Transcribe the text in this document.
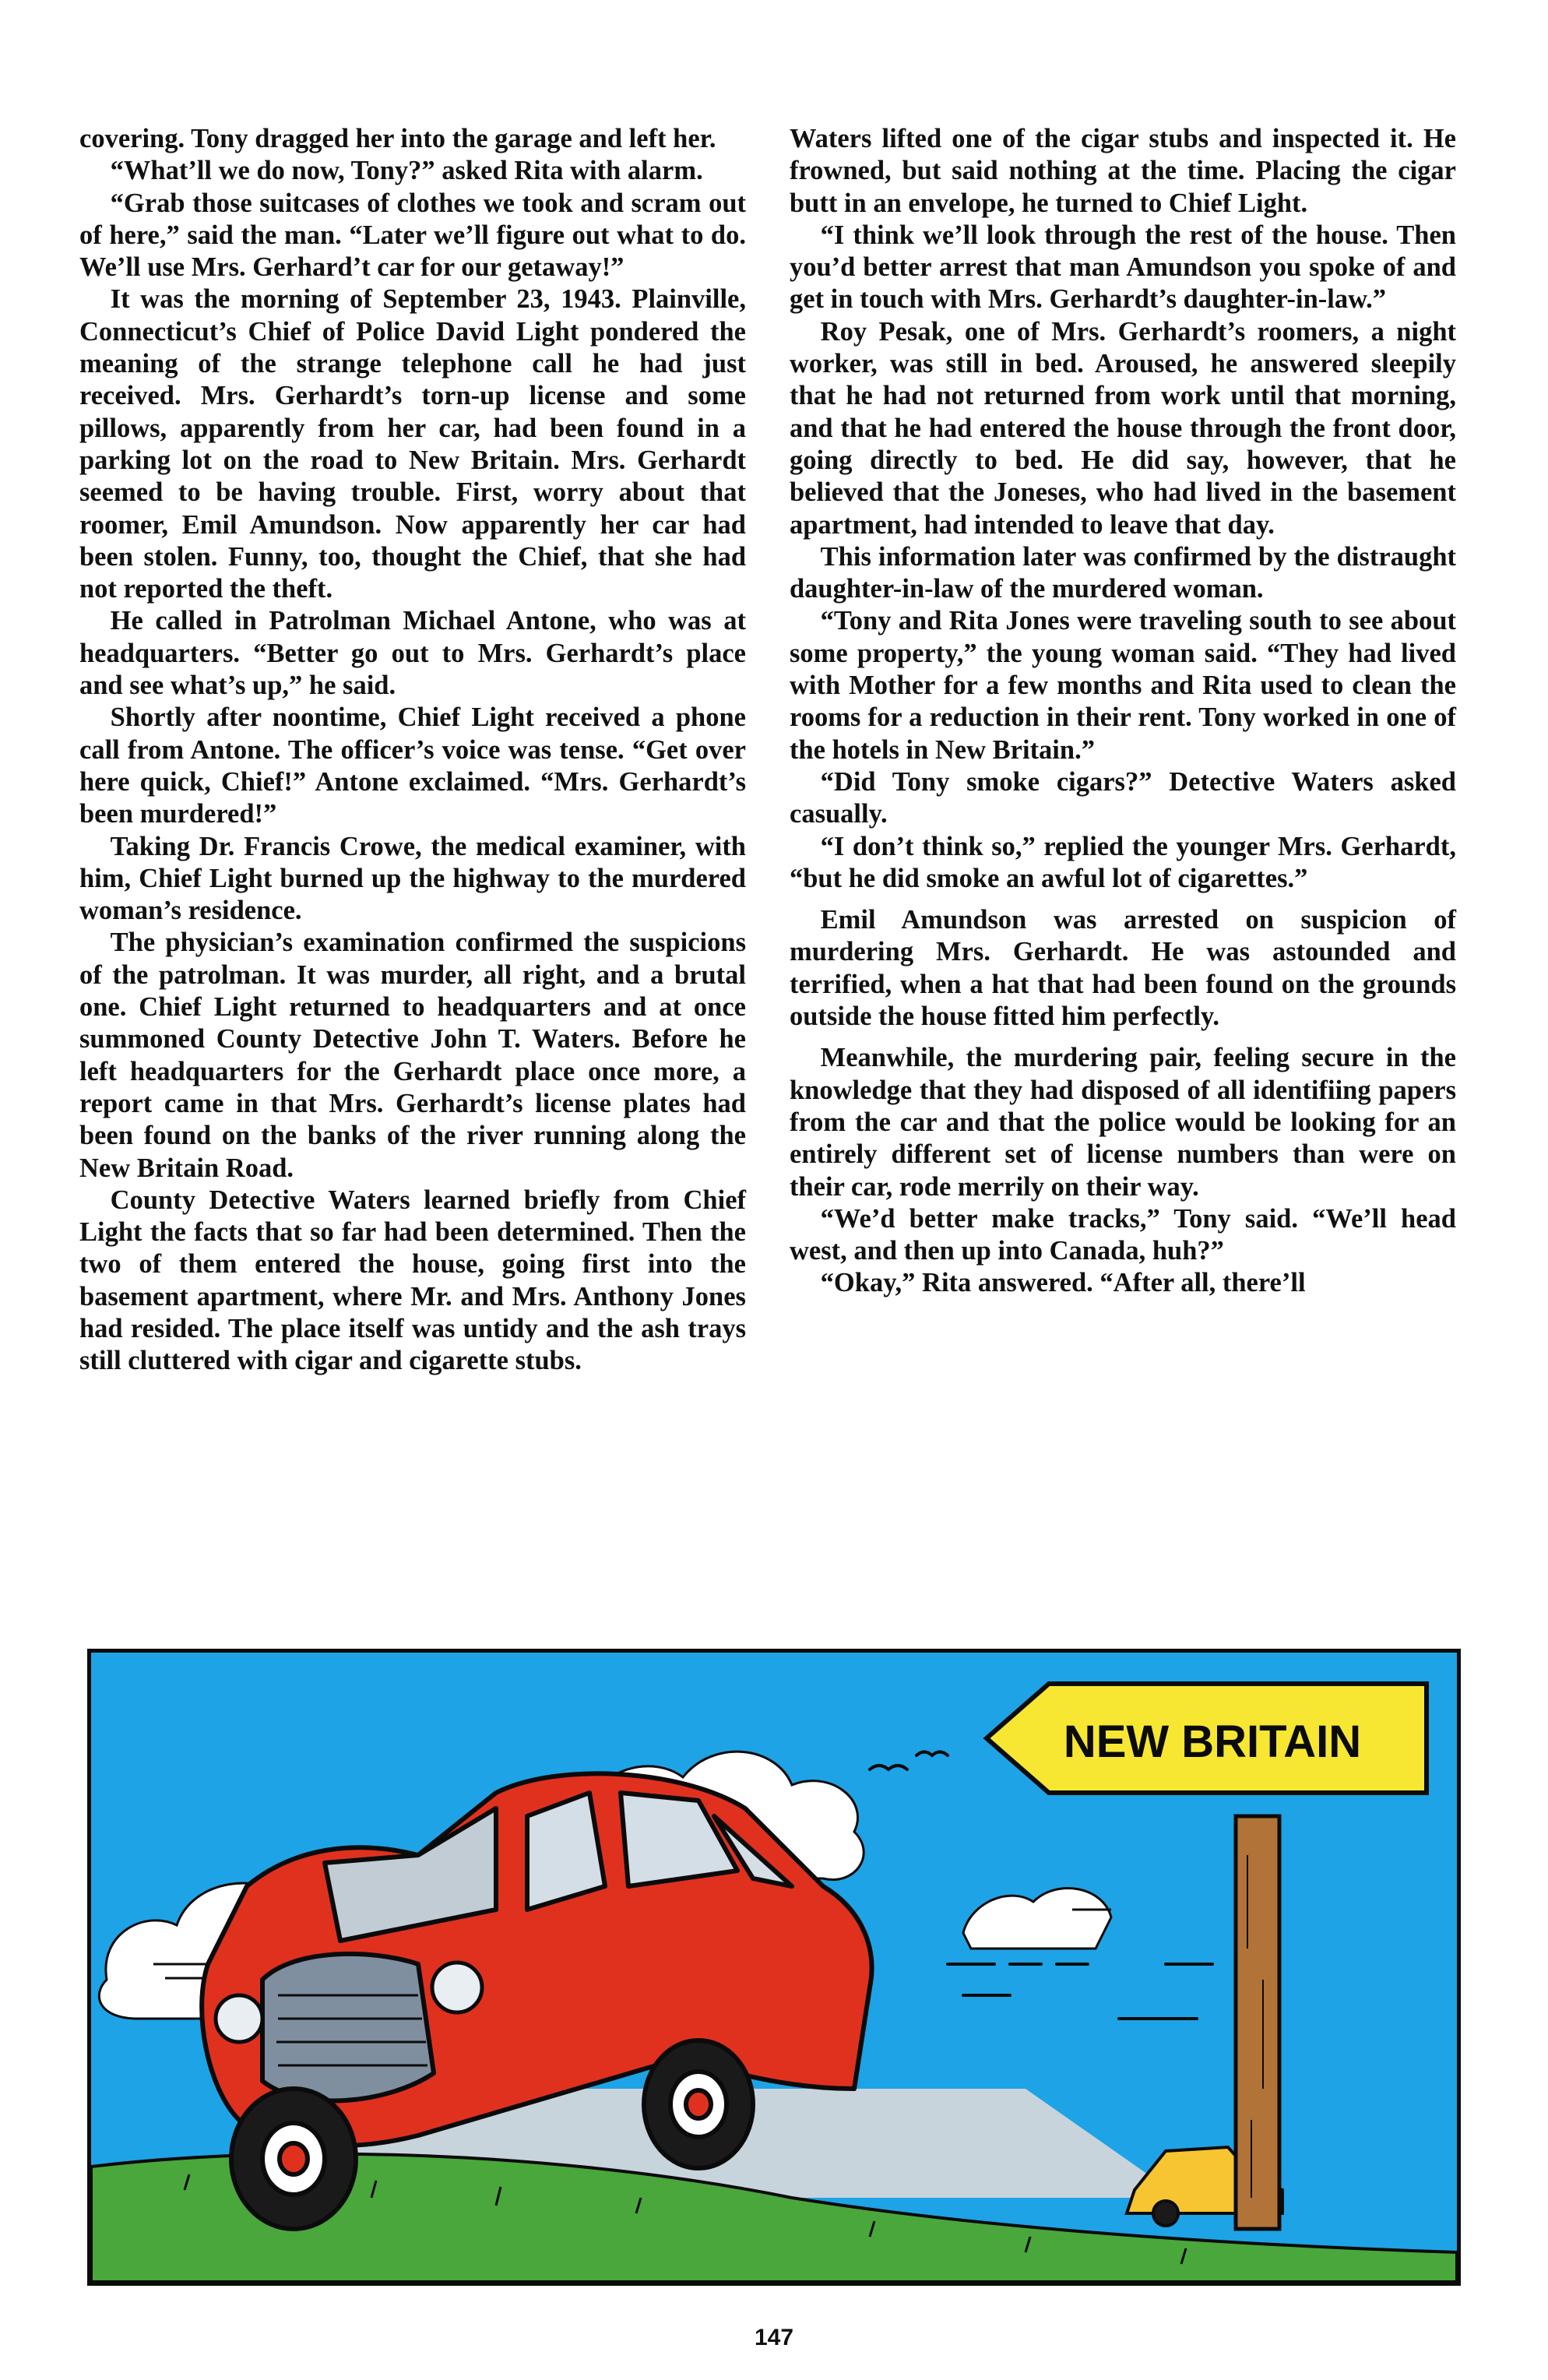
covering. Tony dragged her into the garage and left her.

“What’ll we do now, Tony?” asked Rita with alarm.

“Grab those suitcases of clothes we took and scram out of here,” said the man. “Later we’ll figure out what to do. We’ll use Mrs. Gerhard’t car for our getaway!”

It was the morning of September 23, 1943. Plainville, Connecticut’s Chief of Police David Light pondered the meaning of the strange telephone call he had just received. Mrs. Gerhardt’s torn-up license and some pillows, apparently from her car, had been found in a parking lot on the road to New Britain. Mrs. Gerhardt seemed to be having trouble. First, worry about that roomer, Emil Amundson. Now apparently her car had been stolen. Funny, too, thought the Chief, that she had not reported the theft.

He called in Patrolman Michael Antone, who was at headquarters. “Better go out to Mrs. Gerhardt’s place and see what’s up,” he said.

Shortly after noontime, Chief Light received a phone call from Antone. The officer’s voice was tense. “Get over here quick, Chief!” Antone exclaimed. “Mrs. Gerhardt’s been murdered!”

Taking Dr. Francis Crowe, the medical examiner, with him, Chief Light burned up the highway to the murdered woman’s residence.

The physician’s examination confirmed the suspicions of the patrolman. It was murder, all right, and a brutal one. Chief Light returned to headquarters and at once summoned County Detective John T. Waters. Before he left headquarters for the Gerhardt place once more, a report came in that Mrs. Gerhardt’s license plates had been found on the banks of the river running along the New Britain Road.

County Detective Waters learned briefly from Chief Light the facts that so far had been determined. Then the two of them entered the house, going first into the basement apartment, where Mr. and Mrs. Anthony Jones had resided. The place itself was untidy and the ash trays still cluttered with cigar and cigarette stubs.

Waters lifted one of the cigar stubs and inspected it. He frowned, but said nothing at the time. Placing the cigar butt in an envelope, he turned to Chief Light.

“I think we’ll look through the rest of the house. Then you’d better arrest that man Amundson you spoke of and get in touch with Mrs. Gerhardt’s daughter-in-law.”

Roy Pesak, one of Mrs. Gerhardt’s roomers, a night worker, was still in bed. Aroused, he answered sleepily that he had not returned from work until that morning, and that he had entered the house through the front door, going directly to bed. He did say, however, that he believed that the Joneses, who had lived in the basement apartment, had intended to leave that day.

This information later was confirmed by the distraught daughter-in-law of the murdered woman.

“Tony and Rita Jones were traveling south to see about some property,” the young woman said. “They had lived with Mother for a few months and Rita used to clean the rooms for a reduction in their rent. Tony worked in one of the hotels in New Britain.”

“Did Tony smoke cigars?” Detective Waters asked casually.

“I don’t think so,” replied the younger Mrs. Gerhardt, “but he did smoke an awful lot of cigarettes.”

Emil Amundson was arrested on suspicion of murdering Mrs. Gerhardt. He was astounded and terrified, when a hat that had been found on the grounds outside the house fitted him perfectly.

Meanwhile, the murdering pair, feeling secure in the knowledge that they had disposed of all identifiing papers from the car and that the police would be looking for an entirely different set of license numbers than were on their car, rode merrily on their way.

“We’d better make tracks,” Tony said. “We’ll head west, and then up into Canada, huh?”

“Okay,” Rita answered. “After all, there’ll

NEW BRITAIN
147
